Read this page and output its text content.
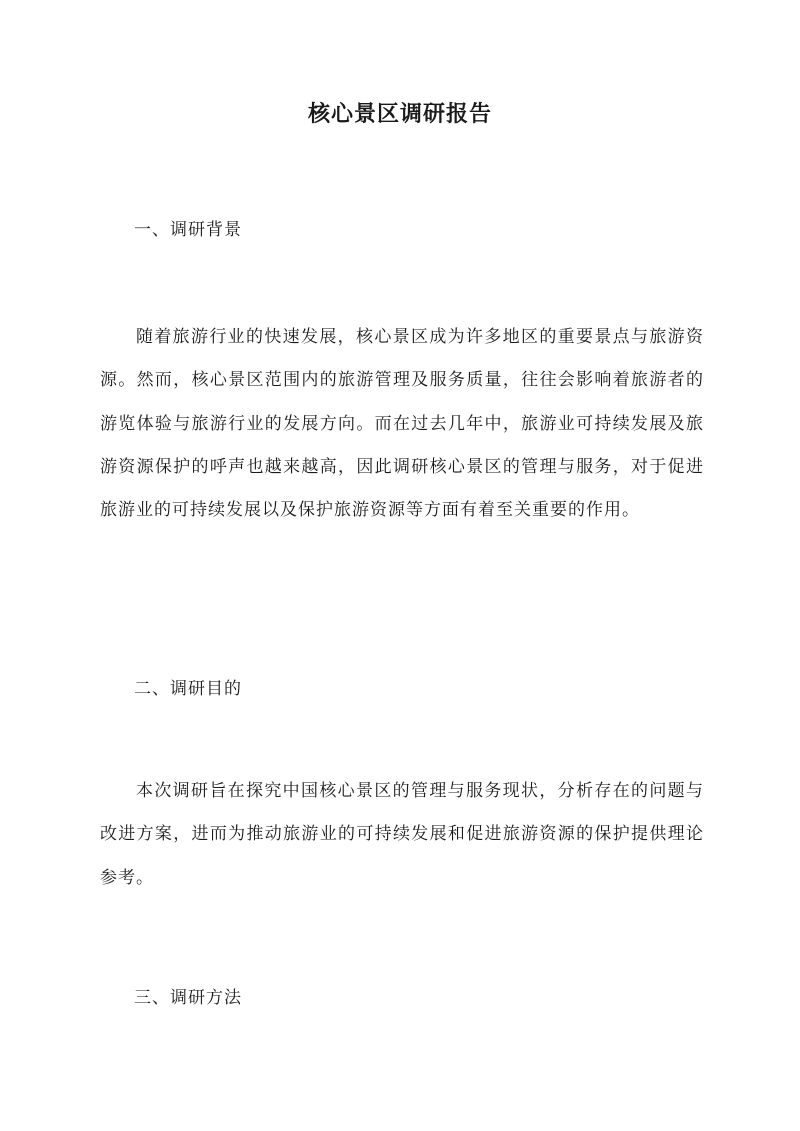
核心景区调研报告
一、调研背景
随着旅游行业的快速发展，核心景区成为许多地区的重要景点与旅游资源。然而，核心景区范围内的旅游管理及服务质量，往往会影响着旅游者的游览体验与旅游行业的发展方向。而在过去几年中，旅游业可持续发展及旅游资源保护的呼声也越来越高，因此调研核心景区的管理与服务，对于促进旅游业的可持续发展以及保护旅游资源等方面有着至关重要的作用。
二、调研目的
本次调研旨在探究中国核心景区的管理与服务现状，分析存在的问题与改进方案，进而为推动旅游业的可持续发展和促进旅游资源的保护提供理论参考。
三、调研方法
